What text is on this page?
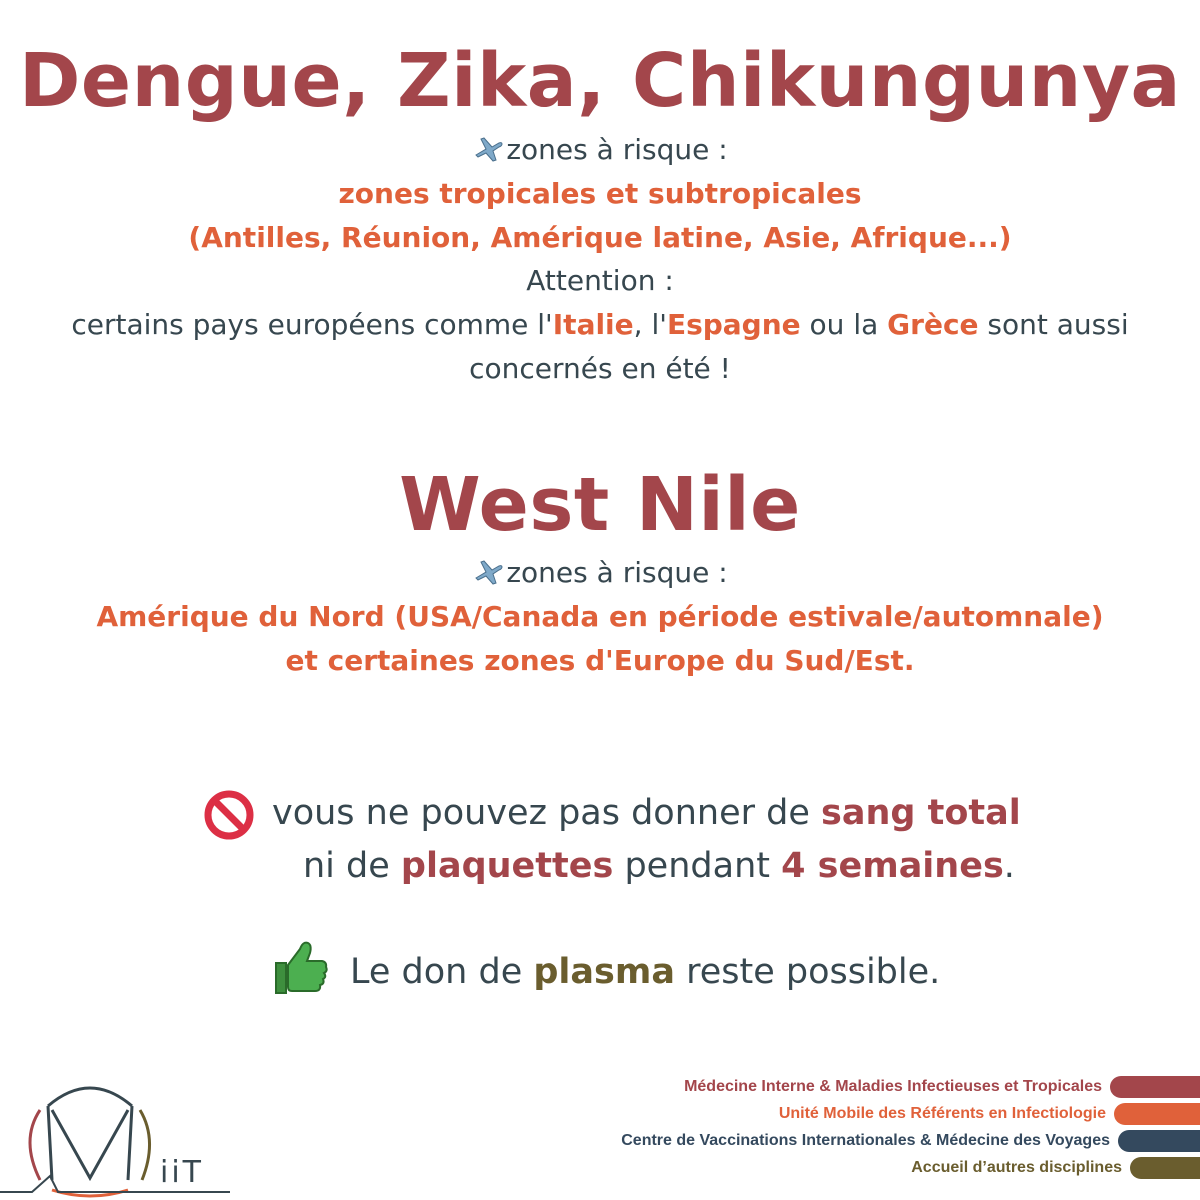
Dengue, Zika, Chikungunya
zones à risque :
zones tropicales et subtropicales
(Antilles, Réunion, Amérique latine, Asie, Afrique...)
Attention :
certains pays européens comme l'Italie, l'Espagne ou la Grèce sont aussi
concernés en été !
West Nile
zones à risque :
Amérique du Nord (USA/Canada en période estivale/automnale)
et certaines zones d'Europe du Sud/Est.
vous ne pouvez pas donner de sang total
ni de plaquettes pendant 4 semaines.
Le don de plasma reste possible.
iiT
Médecine Interne & Maladies Infectieuses et Tropicales
Unité Mobile des Référents en Infectiologie
Centre de Vaccinations Internationales & Médecine des Voyages
Accueil d’autres disciplines
